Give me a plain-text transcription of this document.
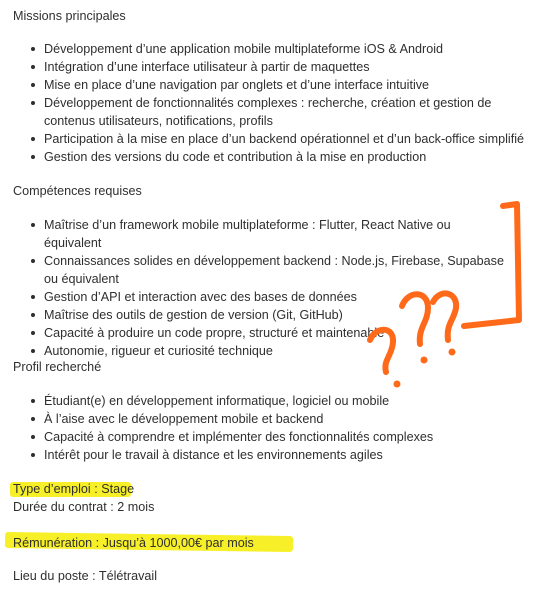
Missions principales
Développement d’une application mobile multiplateforme iOS & Android
Intégration d’une interface utilisateur à partir de maquettes
Mise en place d’une navigation par onglets et d’une interface intuitive
Développement de fonctionnalités complexes : recherche, création et gestion de contenus utilisateurs, notifications, profils
Participation à la mise en place d’un backend opérationnel et d’un back-office simplifié
Gestion des versions du code et contribution à la mise en production
Compétences requises
Maîtrise d’un framework mobile multiplateforme : Flutter, React Native ou équivalent
Connaissances solides en développement backend : Node.js, Firebase, Supabase ou équivalent
Gestion d’API et interaction avec des bases de données
Maîtrise des outils de gestion de version (Git, GitHub)
Capacité à produire un code propre, structuré et maintenable
Autonomie, rigueur et curiosité technique
Profil recherché
Étudiant(e) en développement informatique, logiciel ou mobile
À l’aise avec le développement mobile et backend
Capacité à comprendre et implémenter des fonctionnalités complexes
Intérêt pour le travail à distance et les environnements agiles
Type d’emploi : Stage
Durée du contrat : 2 mois
Rémunération : Jusqu’à 1000,00€ par mois
Lieu du poste : Télétravail
